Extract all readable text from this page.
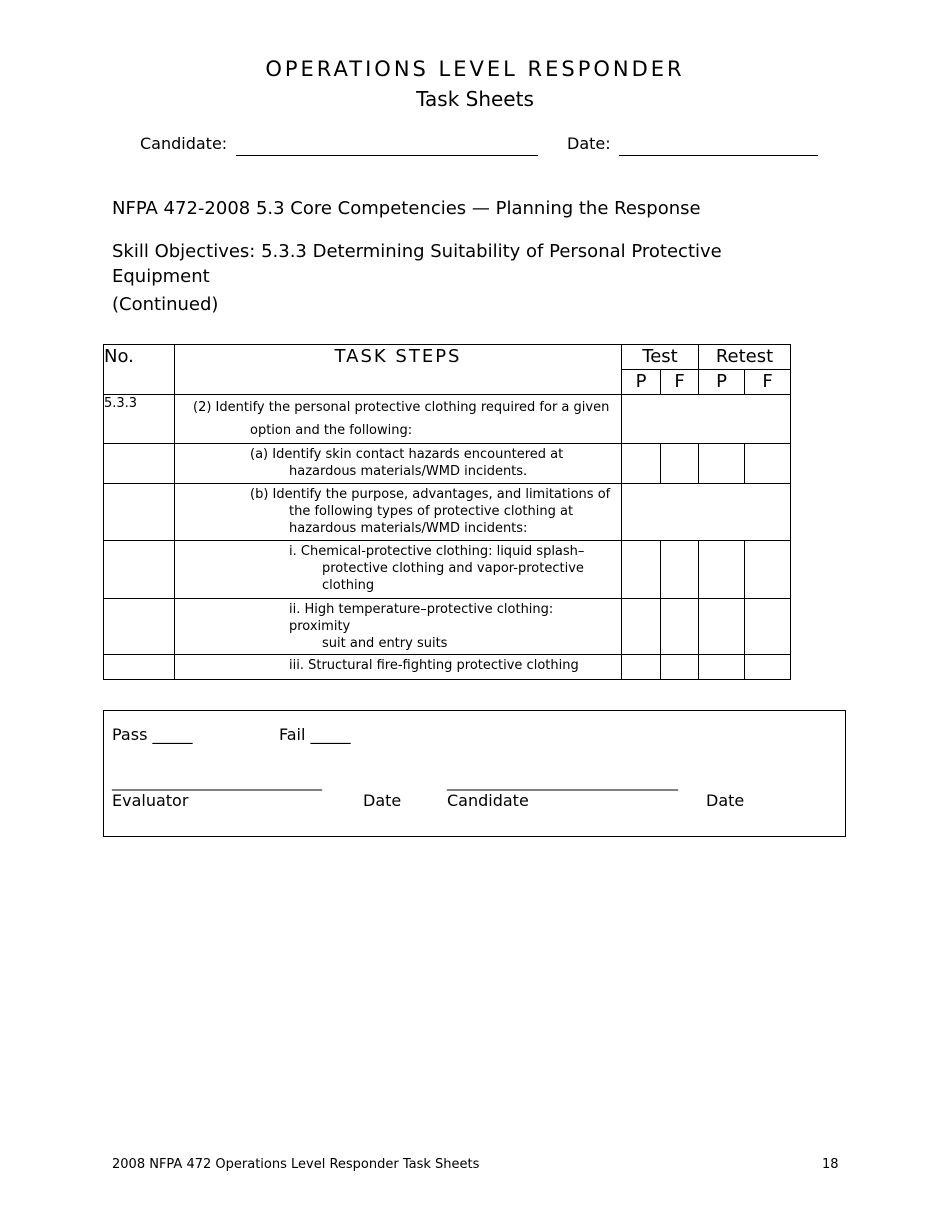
OPERATIONS LEVEL RESPONDER
Task Sheets
Candidate:	Date:
NFPA 472-2008 5.3 Core Competencies — Planning the Response
Skill Objectives: 5.3.3 Determining Suitability of Personal Protective
Equipment
(Continued)
No.	TASK STEPS	Test		Retest	
		P	F	P	F
5.3.3	(2) Identify the personal protective clothing required for a given
option and the following:				

	(a) Identify skin contact hazards encountered at
hazardous materials/WMD incidents.				

	(b) Identify the purpose, advantages, and limitations of
the following types of protective clothing at
hazardous materials/WMD incidents:				

	i. Chemical-protective clothing: liquid splash–
protective clothing and vapor-protective
clothing				

	ii. High temperature–protective clothing: proximity
suit and entry suits				

	iii. Structural fire-fighting protective clothing				

Pass _____	Fail _____
______________________________	_________________________________
Evaluator	Date	Candidate	Date
2008 NFPA 472 Operations Level Responder Task Sheets	18
